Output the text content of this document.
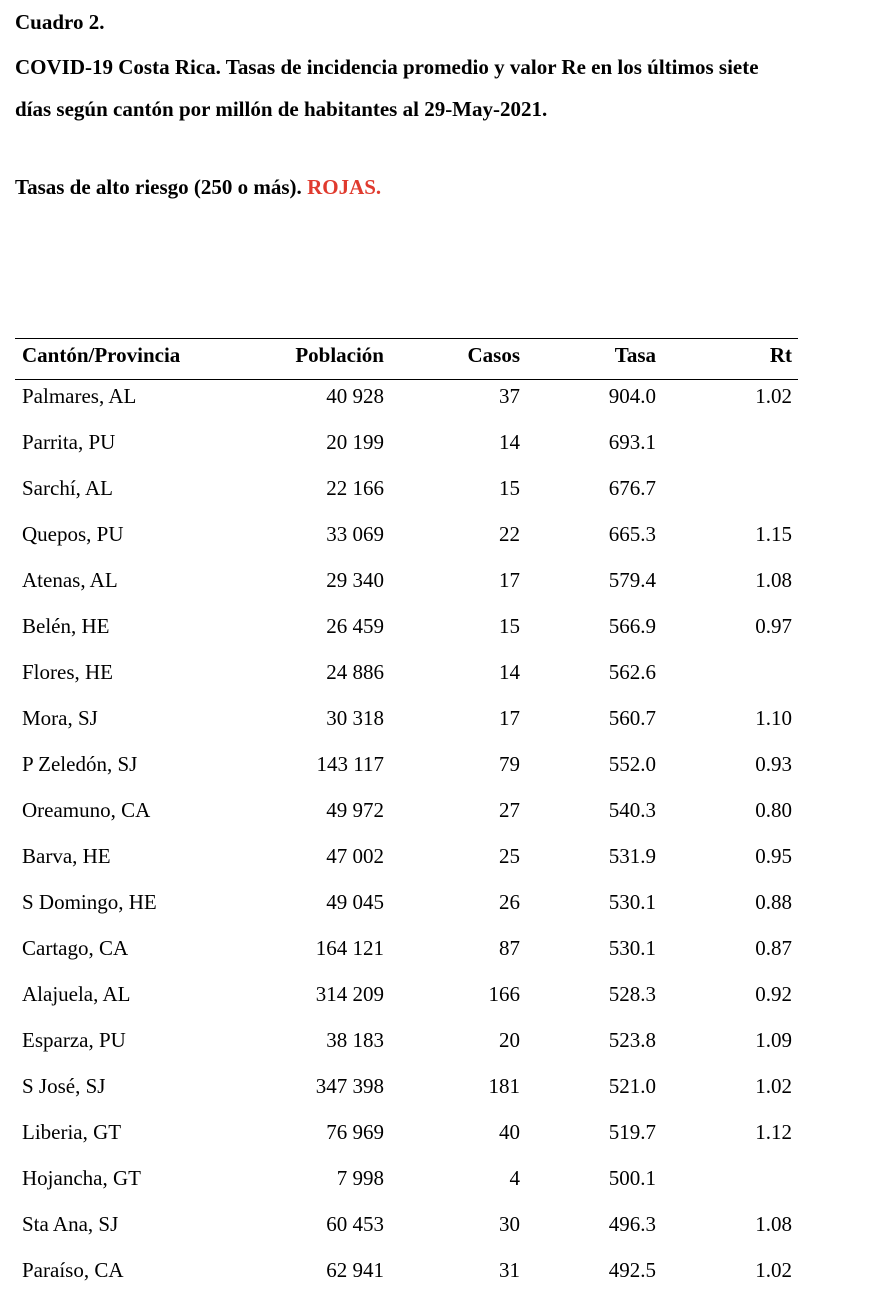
Cuadro 2.
COVID-19 Costa Rica. Tasas de incidencia promedio y valor Re en los últimos siete
días según cantón por millón de habitantes al 29-May-2021.
Tasas de alto riesgo (250 o más). ROJAS.
Cantón/Provincia	Población	Casos	Tasa	Rt
Palmares, AL	40 928	37	904.0	1.02
Parrita, PU	20 199	14	693.1
Sarchí, AL	22 166	15	676.7
Quepos, PU	33 069	22	665.3	1.15
Atenas, AL	29 340	17	579.4	1.08
Belén, HE	26 459	15	566.9	0.97
Flores, HE	24 886	14	562.6
Mora, SJ	30 318	17	560.7	1.10
P Zeledón, SJ	143 117	79	552.0	0.93
Oreamuno, CA	49 972	27	540.3	0.80
Barva, HE	47 002	25	531.9	0.95
S Domingo, HE	49 045	26	530.1	0.88
Cartago, CA	164 121	87	530.1	0.87
Alajuela, AL	314 209	166	528.3	0.92
Esparza, PU	38 183	20	523.8	1.09
S José, SJ	347 398	181	521.0	1.02
Liberia, GT	76 969	40	519.7	1.12
Hojancha, GT	7 998	4	500.1
Sta Ana, SJ	60 453	30	496.3	1.08
Paraíso, CA	62 941	31	492.5	1.02
